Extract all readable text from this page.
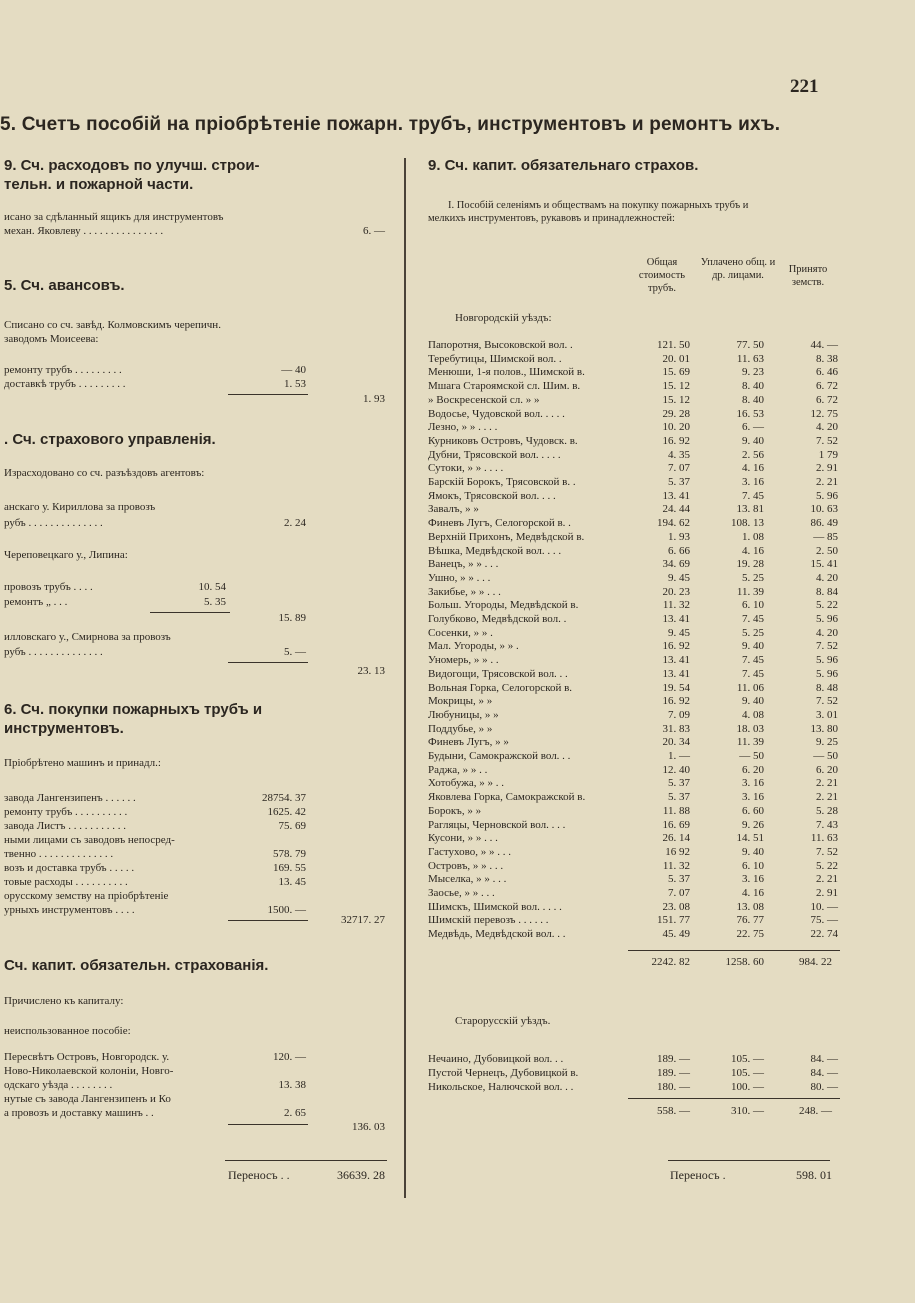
221
5. Счетъ пособій на пріобрѣтеніе пожарн. трубъ, инструментовъ и ремонтъ ихъ.
9. Сч. расходовъ по улучш. строи-
тельн. и пожарной части.
исано за сдѣланный ящикъ для инструментовъ
механ. Яковлеву . . . . . . . . . . . . . . .	6. —
5. Сч. авансовъ.
Списано со сч. завѣд. Колмовскимъ черепичн.
заводомъ Моисеева:
ремонту трубъ . . . . . . . . .	— 40
доставкѣ трубъ . . . . . . . . .	1. 53
1. 93
. Сч. страхового управленія.
Израсходовано со сч. разъѣздовъ агентовъ:
анскаго у. Кириллова за провозъ
рубъ . . . . . . . . . . . . . .	2. 24
Череповецкаго у., Липина:
провозъ трубъ . . . .	10. 54
ремонтъ „ . . .	5. 35
15. 89
илловскаго у., Смирнова за провозъ
рубъ . . . . . . . . . . . . . .	5. —
23. 13
6. Сч. покупки пожарныхъ трубъ и
инструментовъ.
Пріобрѣтено машинъ и принадл.:
завода Лангензипенъ . . . . . .	28754. 37
ремонту трубъ . . . . . . . . . .	1625. 42
завода Листъ . . . . . . . . . . .	75. 69
ными лицами съ заводовъ непосред-
твенно . . . . . . . . . . . . . .	578. 79
возъ и доставка трубъ . . . . .	169. 55
товые расходы . . . . . . . . . .	13. 45
орусскому земству на пріобрѣтеніе
урныхъ инструментовъ . . . .	1500. —
32717. 27
Сч. капит. обязательн. страхованія.
Причислено къ капиталу:
неиспользованное пособіе:
Пересвѣтъ Островъ, Новгородск. у.	120. —
Ново-Николаевской колоніи, Новго-
одскаго уѣзда . . . . . . . .	13. 38
нутые съ завода Лангензипенъ и Ко
а провозъ и доставку машинъ . .	2. 65
136. 03
Переносъ . .	36639. 28
9. Сч. капит. обязательнаго страхов.
I. Пособій селеніямъ и обществамъ на покупку пожарныхъ трубъ и мелкихъ инструментовъ, рукавовъ и принадлежностей:
Общая стоимость трубъ.
Уплачено общ. и др. лицами.
Принято земств.
Новгородскій уѣздъ:
Папоротня, Высоковской вол. .	121. 50	77. 50	44. —
Теребутицы, Шимской вол. .	20. 01	11. 63	8. 38
Менюши, 1-я полов., Шимской в.	15. 69	9. 23	6. 46
Мшага Староямской сл. Шим. в.	15. 12	8. 40	6. 72
» Воскресенской сл. » »	15. 12	8. 40	6. 72
Водосье, Чудовской вол. . . . .	29. 28	16. 53	12. 75
Лезно, » » . . . .	10. 20	6. —	4. 20
Курниковъ Островъ, Чудовск. в.	16. 92	9. 40	7. 52
Дубни, Трясовской вол. . . . .	4. 35	2. 56	1 79
Сутоки, » » . . . .	7. 07	4. 16	2. 91
Барскій Борокъ, Трясовской в. .	5. 37	3. 16	2. 21
Ямокъ, Трясовской вол. . . .	13. 41	7. 45	5. 96
Завалъ, » »	24. 44	13. 81	10. 63
Финевъ Лугъ, Селогорской в. .	194. 62	108. 13	86. 49
Верхній Прихонъ, Медвѣдской в.	1. 93	1. 08	— 85
Вѣшка, Медвѣдской вол. . . .	6. 66	4. 16	2. 50
Ванецъ, » » . . .	34. 69	19. 28	15. 41
Ушно, » » . . .	9. 45	5. 25	4. 20
Закибье, » » . . .	20. 23	11. 39	8. 84
Больш. Угороды, Медвѣдской в.	11. 32	6. 10	5. 22
Голубково, Медвѣдской вол. .	13. 41	7. 45	5. 96
Сосенки, » » .	9. 45	5. 25	4. 20
Мал. Угороды, » » .	16. 92	9. 40	7. 52
Уномерь, » » . .	13. 41	7. 45	5. 96
Видогощи, Трясовской вол. . .	13. 41	7. 45	5. 96
Вольная Горка, Селогорской в.	19. 54	11. 06	8. 48
Мокрицы, » »	16. 92	9. 40	7. 52
Любуницы, » »	7. 09	4. 08	3. 01
Поддубье, » »	31. 83	18. 03	13. 80
Финевъ Лугъ, » »	20. 34	11. 39	9. 25
Будыни, Самокражской вол. . .	1. —	— 50	— 50
Раджа, » » . .	12. 40	6. 20	6. 20
Хотобужа, » » . .	5. 37	3. 16	2. 21
Яковлева Горка, Самокражской в.	5. 37	3. 16	2. 21
Борокъ, » »	11. 88	6. 60	5. 28
Рагляцы, Черновской вол. . . .	16. 69	9. 26	7. 43
Кусони, » » . . .	26. 14	14. 51	11. 63
Гастухово, » » . . .	16 92	9. 40	7. 52
Островъ, » » . . .	11. 32	6. 10	5. 22
Мыселка, » » . . .	5. 37	3. 16	2. 21
Заосье, » » . . .	7. 07	4. 16	2. 91
Шимскъ, Шимской вол. . . . .	23. 08	13. 08	10. —
Шимскій перевозъ . . . . . .	151. 77	76. 77	75. —
Медвѣдь, Медвѣдской вол. . .	45. 49	22. 75	22. 74
2242. 82	1258. 60	984. 22
Старорусскій уѣздъ.
Нечаино, Дубовицкой вол. . .	189. —	105. —	84. —
Пустой Чернецъ, Дубовицкой в.	189. —	105. —	84. —
Никольское, Налючской вол. . .	180. —	100. —	80. —
558. —	310. —	248. —
Переносъ .	598. 01
